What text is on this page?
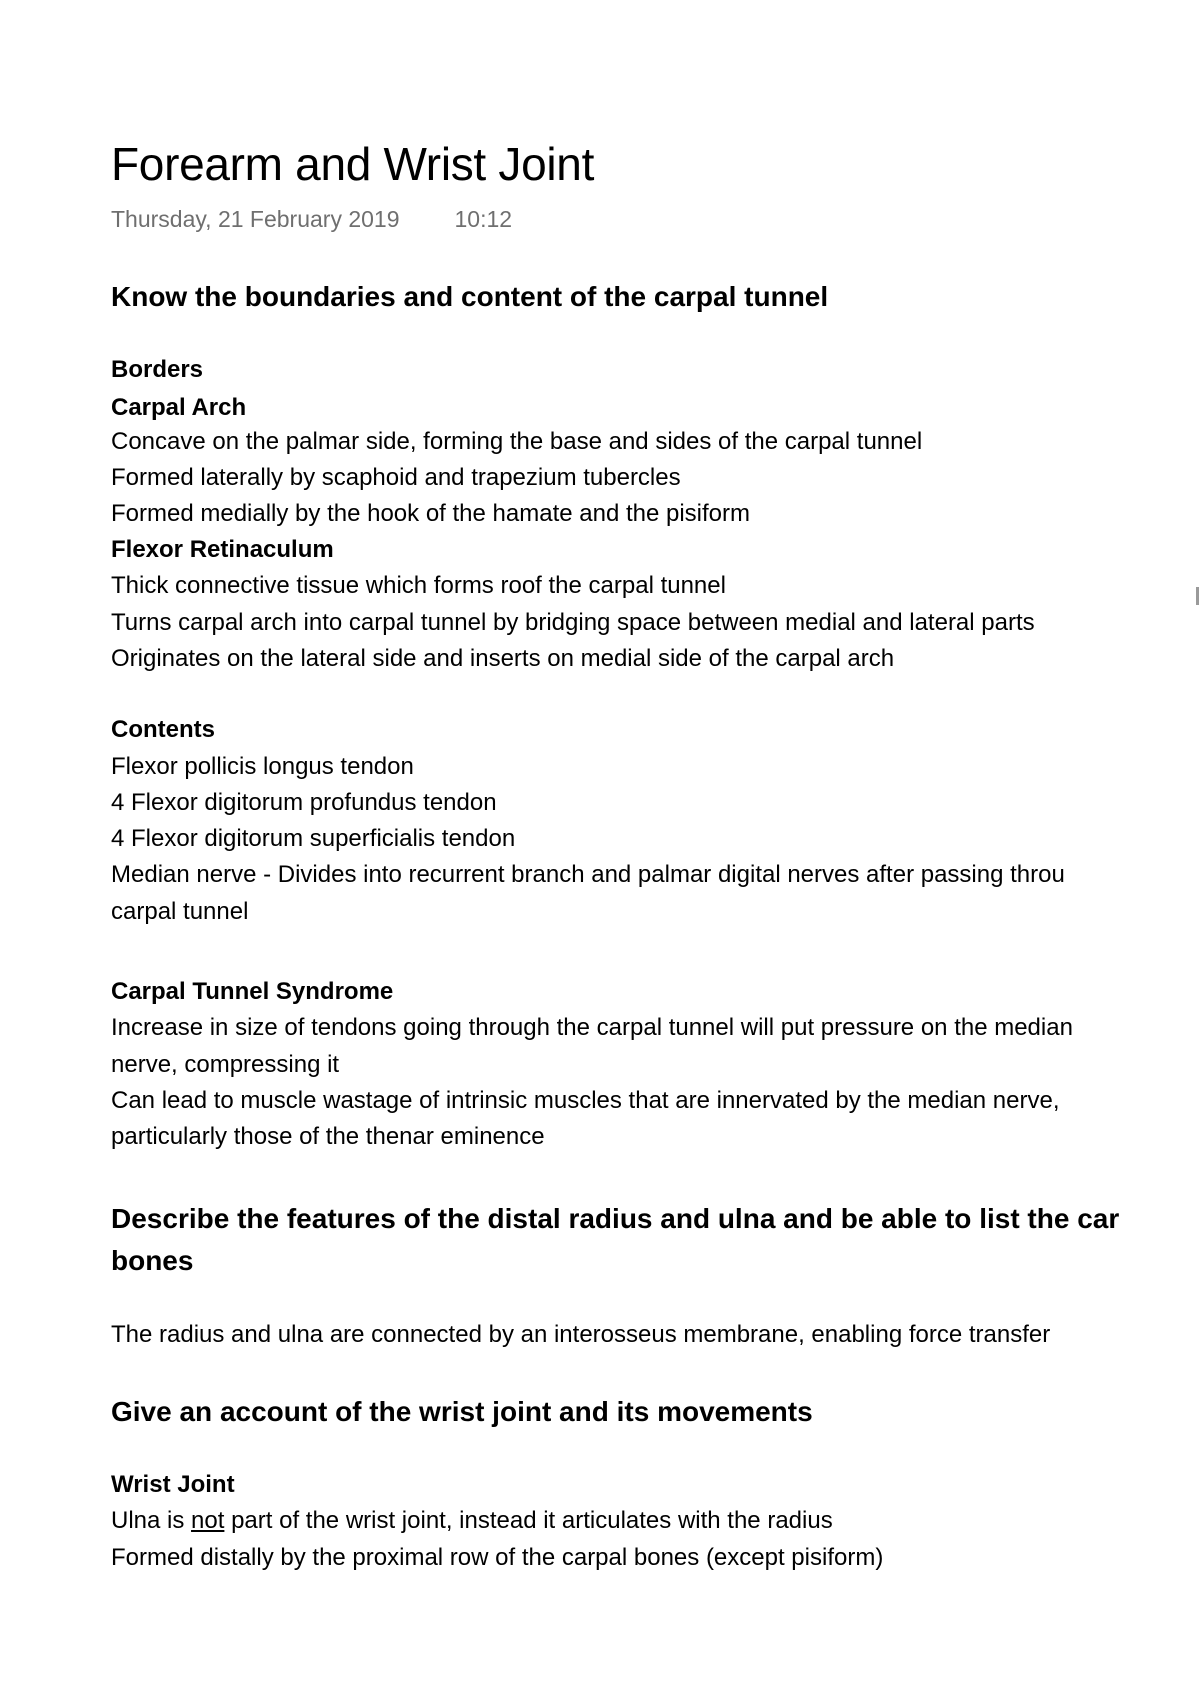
Forearm and Wrist Joint
Thursday, 21 February 2019 10:12
Know the boundaries and content of the carpal tunnel
Borders
Carpal Arch
Concave on the palmar side, forming the base and sides of the carpal tunnel
Formed laterally by scaphoid and trapezium tubercles
Formed medially by the hook of the hamate and the pisiform
Flexor Retinaculum
Thick connective tissue which forms roof the carpal tunnel
Turns carpal arch into carpal tunnel by bridging space between medial and lateral parts
Originates on the lateral side and inserts on medial side of the carpal arch
Contents
Flexor pollicis longus tendon
4 Flexor digitorum profundus tendon
4 Flexor digitorum superficialis tendon
Median nerve - Divides into recurrent branch and palmar digital nerves after passing throu
carpal tunnel
Carpal Tunnel Syndrome
Increase in size of tendons going through the carpal tunnel will put pressure on the median
nerve, compressing it
Can lead to muscle wastage of intrinsic muscles that are innervated by the median nerve,
particularly those of the thenar eminence
Describe the features of the distal radius and ulna and be able to list the car
bones
The radius and ulna are connected by an interosseus membrane, enabling force transfer
Give an account of the wrist joint and its movements
Wrist Joint
Ulna is not part of the wrist joint, instead it articulates with the radius
Formed distally by the proximal row of the carpal bones (except pisiform)
